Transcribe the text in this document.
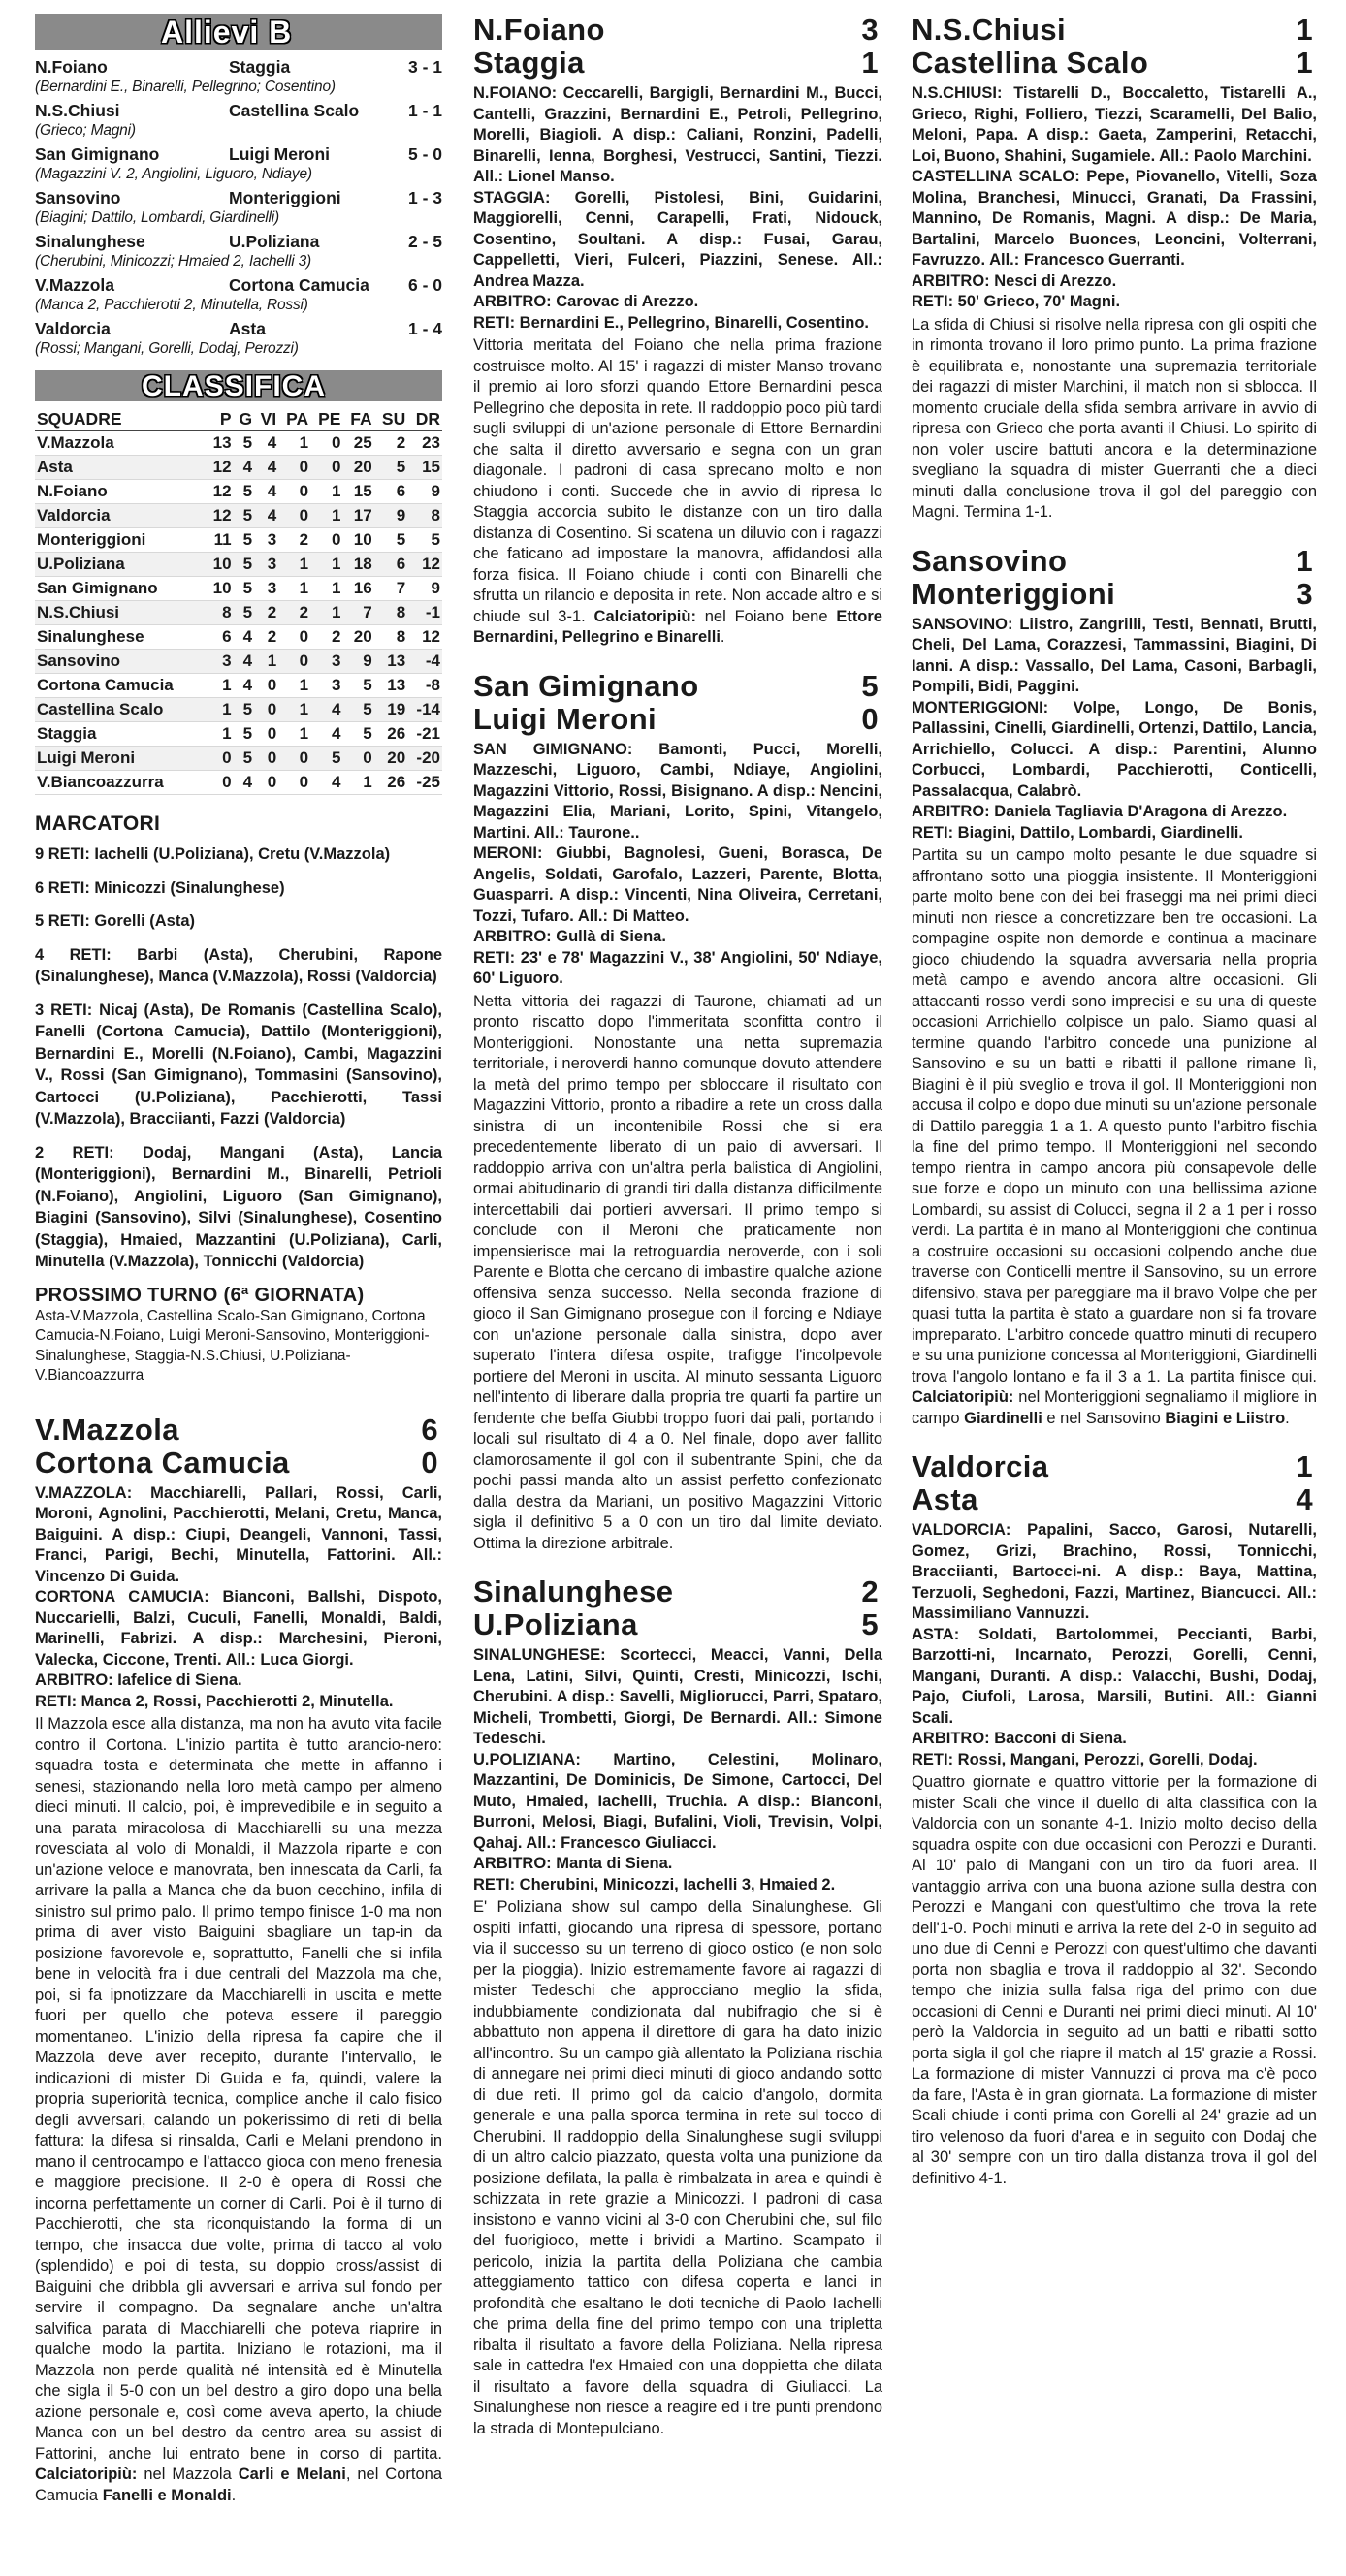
Allievi B
N.Foiano	Staggia	3 - 1
(Bernardini E., Binarelli, Pellegrino; Cosentino)
N.S.Chiusi	Castellina Scalo	1 - 1
(Grieco; Magni)
San Gimignano	Luigi Meroni	5 - 0
(Magazzini V. 2, Angiolini, Liguoro, Ndiaye)
Sansovino	Monteriggioni	1 - 3
(Biagini; Dattilo, Lombardi, Giardinelli)
Sinalunghese	U.Poliziana	2 - 5
(Cherubini, Minicozzi; Hmaied 2, Iachelli 3)
V.Mazzola	Cortona Camucia	6 - 0
(Manca 2, Pacchierotti 2, Minutella, Rossi)
Valdorcia	Asta	1 - 4
(Rossi; Mangani, Gorelli, Dodaj, Perozzi)
CLASSIFICA
SQUADRE	P	G	VI	PA	PE	FA	SU	DR
V.Mazzola	13	5	4	1	0	25	2	23
Asta	12	4	4	0	0	20	5	15
N.Foiano	12	5	4	0	1	15	6	9
Valdorcia	12	5	4	0	1	17	9	8
Monteriggioni	11	5	3	2	0	10	5	5
U.Poliziana	10	5	3	1	1	18	6	12
San Gimignano	10	5	3	1	1	16	7	9
N.S.Chiusi	8	5	2	2	1	7	8	-1
Sinalunghese	6	4	2	0	2	20	8	12
Sansovino	3	4	1	0	3	9	13	-4
Cortona Camucia	1	4	0	1	3	5	13	-8
Castellina Scalo	1	5	0	1	4	5	19	-14
Staggia	1	5	0	1	4	5	26	-21
Luigi Meroni	0	5	0	0	5	0	20	-20
V.Biancoazzurra	0	4	0	0	4	1	26	-25
MARCATORI
9 RETI: Iachelli (U.Poliziana), Cretu (V.Mazzola)
6 RETI: Minicozzi (Sinalunghese)
5 RETI: Gorelli (Asta)
4 RETI: Barbi (Asta), Cherubini, Rapone (Sinalunghese), Manca (V.Mazzola), Rossi (Valdorcia)
3 RETI: Nicaj (Asta), De Romanis (Castellina Scalo), Fanelli (Cortona Camucia), Dattilo (Monteriggioni), Bernardini E., Morelli (N.Foiano), Cambi, Magazzini V., Rossi (San Gimignano), Tommasini (Sansovino), Cartocci (U.Poliziana), Pacchierotti, Tassi (V.Mazzola), Bracciianti, Fazzi (Valdorcia)
2 RETI: Dodaj, Mangani (Asta), Lancia (Monteriggioni), Bernardini M., Binarelli, Petrioli (N.Foiano), Angiolini, Liguoro (San Gimignano), Biagini (Sansovino), Silvi (Sinalunghese), Cosentino (Staggia), Hmaied, Mazzantini (U.Poliziana), Carli, Minutella (V.Mazzola), Tonnicchi (Valdorcia)
PROSSIMO TURNO (6ª GIORNATA)
Asta-V.Mazzola, Castellina Scalo-San Gimignano, Cortona Camucia-N.Foiano, Luigi Meroni-Sansovino, Monteriggioni-Sinalunghese, Staggia-N.S.Chiusi, U.Poliziana-V.Biancoazzurra
V.Mazzola	6
Cortona Camucia	0
V.MAZZOLA: Macchiarelli, Pallari, Rossi, Carli, Moroni, Agnolini, Pacchierotti, Melani, Cretu, Manca, Baiguini. A disp.: Ciupi, Deangeli, Vannoni, Tassi, Franci, Parigi, Bechi, Minutella, Fattorini. All.: Vincenzo Di Guida.
CORTONA CAMUCIA: Bianconi, Ballshi, Dispoto, Nuccarielli, Balzi, Cuculi, Fanelli, Monaldi, Baldi, Marinelli, Fabrizi. A disp.: Marchesini, Pieroni, Valecka, Ciccone, Trenti. All.: Luca Giorgi.
ARBITRO: Iafelice di Siena.
RETI: Manca 2, Rossi, Pacchierotti 2, Minutella.
Il Mazzola esce alla distanza, ma non ha avuto vita facile contro il Cortona. L'inizio partita è tutto arancio-nero: squadra tosta e determinata che mette in affanno i senesi, stazionando nella loro metà campo per almeno dieci minuti. Il calcio, poi, è imprevedibile e in seguito a una parata miracolosa di Macchiarelli su una mezza rovesciata al volo di Monaldi, il Mazzola riparte e con un'azione veloce e manovrata, ben innescata da Carli, fa arrivare la palla a Manca che da buon cecchino, infila di sinistro sul primo palo. Il primo tempo finisce 1-0 ma non prima di aver visto Baiguini sbagliare un tap-in da posizione favorevole e, soprattutto, Fanelli che si infila bene in velocità fra i due centrali del Mazzola ma che, poi, si fa ipnotizzare da Macchiarelli in uscita e mette fuori per quello che poteva essere il pareggio momentaneo. L'inizio della ripresa fa capire che il Mazzola deve aver recepito, durante l'intervallo, le indicazioni di mister Di Guida e fa, quindi, valere la propria superiorità tecnica, complice anche il calo fisico degli avversari, calando un pokerissimo di reti di bella fattura: la difesa si rinsalda, Carli e Melani prendono in mano il centrocampo e l'attacco gioca con meno frenesia e maggiore precisione. Il 2-0 è opera di Rossi che incorna perfettamente un corner di Carli. Poi è il turno di Pacchierotti, che sta riconquistando la forma di un tempo, che insacca due volte, prima di tacco al volo (splendido) e poi di testa, su doppio cross/assist di Baiguini che dribbla gli avversari e arriva sul fondo per servire il compagno. Da segnalare anche un'altra salvifica parata di Macchiarelli che poteva riaprire in qualche modo la partita. Iniziano le rotazioni, ma il Mazzola non perde qualità né intensità ed è Minutella che sigla il 5-0 con un bel destro a giro dopo una bella azione personale e, così come aveva aperto, la chiude Manca con un bel destro da centro area su assist di Fattorini, anche lui entrato bene in corso di partita. Calciatoripiù: nel Mazzola Carli e Melani, nel Cortona Camucia Fanelli e Monaldi.
N.Foiano	3
Staggia	1
N.FOIANO: Ceccarelli, Bargigli, Bernardini M., Bucci, Cantelli, Grazzini, Bernardini E., Petroli, Pellegrino, Morelli, Biagioli. A disp.: Caliani, Ronzini, Padelli, Binarelli, Ienna, Borghesi, Vestrucci, Santini, Tiezzi. All.: Lionel Manso.
STAGGIA: Gorelli, Pistolesi, Bini, Guidarini, Maggiorelli, Cenni, Carapelli, Frati, Nidouck, Cosentino, Soultani. A disp.: Fusai, Garau, Cappelletti, Vieri, Fulceri, Piazzini, Senese. All.: Andrea Mazza.
ARBITRO: Carovac di Arezzo.
RETI: Bernardini E., Pellegrino, Binarelli, Cosentino.
Vittoria meritata del Foiano che nella prima frazione costruisce molto. Al 15' i ragazzi di mister Manso trovano il premio ai loro sforzi quando Ettore Bernardini pesca Pellegrino che deposita in rete. Il raddoppio poco più tardi sugli sviluppi di un'azione personale di Ettore Bernardini che salta il diretto avversario e segna con un gran diagonale. I padroni di casa sprecano molto e non chiudono i conti. Succede che in avvio di ripresa lo Staggia accorcia subito le distanze con un tiro dalla distanza di Cosentino. Si scatena un diluvio con i ragazzi che faticano ad impostare la manovra, affidandosi alla forza fisica. Il Foiano chiude i conti con Binarelli che sfrutta un rilancio e deposita in rete. Non accade altro e si chiude sul 3-1. Calciatoripiù: nel Foiano bene Ettore Bernardini, Pellegrino e Binarelli.
San Gimignano	5
Luigi Meroni	0
SAN GIMIGNANO: Bamonti, Pucci, Morelli, Mazzeschi, Liguoro, Cambi, Ndiaye, Angiolini, Magazzini Vittorio, Rossi, Bisignano. A disp.: Nencini, Magazzini Elia, Mariani, Lorito, Spini, Vitangelo, Martini. All.: Taurone..
MERONI: Giubbi, Bagnolesi, Gueni, Borasca, De Angelis, Soldati, Garofalo, Lazzeri, Parente, Blotta, Guasparri. A disp.: Vincenti, Nina Oliveira, Cerretani, Tozzi, Tufaro. All.: Di Matteo.
ARBITRO: Gullà di Siena.
RETI: 23' e 78' Magazzini V., 38' Angiolini, 50' Ndiaye, 60' Liguoro.
Netta vittoria dei ragazzi di Taurone, chiamati ad un pronto riscatto dopo l'immeritata sconfitta contro il Monteriggioni. Nonostante una netta supremazia territoriale, i neroverdi hanno comunque dovuto attendere la metà del primo tempo per sbloccare il risultato con Magazzini Vittorio, pronto a ribadire a rete un cross dalla sinistra di un incontenibile Rossi che si era precedentemente liberato di un paio di avversari. Il raddoppio arriva con un'altra perla balistica di Angiolini, ormai abitudinario di grandi tiri dalla distanza difficilmente intercettabili dai portieri avversari. Il primo tempo si conclude con il Meroni che praticamente non impensierisce mai la retroguardia neroverde, con i soli Parente e Blotta che cercano di imbastire qualche azione offensiva senza successo. Nella seconda frazione di gioco il San Gimignano prosegue con il forcing e Ndiaye con un'azione personale dalla sinistra, dopo aver superato l'intera difesa ospite, trafigge l'incolpevole portiere del Meroni in uscita. Al minuto sessanta Liguoro nell'intento di liberare dalla propria tre quarti fa partire un fendente che beffa Giubbi troppo fuori dai pali, portando i locali sul risultato di 4 a 0. Nel finale, dopo aver fallito clamorosamente il gol con il subentrante Spini, che da pochi passi manda alto un assist perfetto confezionato dalla destra da Mariani, un positivo Magazzini Vittorio sigla il definitivo 5 a 0 con un tiro dal limite deviato. Ottima la direzione arbitrale.
Sinalunghese	2
U.Poliziana	5
SINALUNGHESE: Scortecci, Meacci, Vanni, Della Lena, Latini, Silvi, Quinti, Cresti, Minicozzi, Ischi, Cherubini. A disp.: Savelli, Migliorucci, Parri, Spataro, Micheli, Trombetti, Giorgi, De Bernardi. All.: Simone Tedeschi.
U.POLIZIANA: Martino, Celestini, Molinaro, Mazzantini, De Dominicis, De Simone, Cartocci, Del Muto, Hmaied, Iachelli, Truchia. A disp.: Bianconi, Burroni, Melosi, Biagi, Bufalini, Violi, Trevisin, Volpi, Qahaj. All.: Francesco Giuliacci.
ARBITRO: Manta di Siena.
RETI: Cherubini, Minicozzi, Iachelli 3, Hmaied 2.
E' Poliziana show sul campo della Sinalunghese. Gli ospiti infatti, giocando una ripresa di spessore, portano via il successo su un terreno di gioco ostico (e non solo per la pioggia). Inizio estremamente favore ai ragazzi di mister Tedeschi che approcciano meglio la sfida, indubbiamente condizionata dal nubifragio che si è abbattuto non appena il direttore di gara ha dato inizio all'incontro. Su un campo già allentato la Poliziana rischia di annegare nei primi dieci minuti di gioco andando sotto di due reti. Il primo gol da calcio d'angolo, dormita generale e una palla sporca termina in rete sul tocco di Cherubini. Il raddoppio della Sinalunghese sugli sviluppi di un altro calcio piazzato, questa volta una punizione da posizione defilata, la palla è rimbalzata in area e quindi è schizzata in rete grazie a Minicozzi. I padroni di casa insistono e vanno vicini al 3-0 con Cherubini che, sul filo del fuorigioco, mette i brividi a Martino. Scampato il pericolo, inizia la partita della Poliziana che cambia atteggiamento tattico con difesa coperta e lanci in profondità che esaltano le doti tecniche di Paolo Iachelli che prima della fine del primo tempo con una tripletta ribalta il risultato a favore della Poliziana. Nella ripresa sale in cattedra l'ex Hmaied con una doppietta che dilata il risultato a favore della squadra di Giuliacci. La Sinalunghese non riesce a reagire ed i tre punti prendono la strada di Montepulciano.
N.S.Chiusi	1
Castellina Scalo	1
N.S.CHIUSI: Tistarelli D., Boccaletto, Tistarelli A., Grieco, Righi, Folliero, Tiezzi, Scaramelli, Del Balio, Meloni, Papa. A disp.: Gaeta, Zamperini, Retacchi, Loi, Buono, Shahini, Sugamiele. All.: Paolo Marchini.
CASTELLINA SCALO: Pepe, Piovanello, Vitelli, Soza Molina, Branchesi, Minucci, Granati, Da Frassini, Mannino, De Romanis, Magni. A disp.: De Maria, Bartalini, Marcelo Buonces, Leoncini, Volterrani, Favruzzo. All.: Francesco Guerranti.
ARBITRO: Nesci di Arezzo.
RETI: 50' Grieco, 70' Magni.
La sfida di Chiusi si risolve nella ripresa con gli ospiti che in rimonta trovano il loro primo punto. La prima frazione è equilibrata e, nonostante una supremazia territoriale dei ragazzi di mister Marchini, il match non si sblocca. Il momento cruciale della sfida sembra arrivare in avvio di ripresa con Grieco che porta avanti il Chiusi. Lo spirito di non voler uscire battuti ancora e la determinazione svegliano la squadra di mister Guerranti che a dieci minuti dalla conclusione trova il gol del pareggio con Magni. Termina 1-1.
Sansovino	1
Monteriggioni	3
SANSOVINO: Liistro, Zangrilli, Testi, Bennati, Brutti, Cheli, Del Lama, Corazzesi, Tammassini, Biagini, Di Ianni. A disp.: Vassallo, Del Lama, Casoni, Barbagli, Pompili, Bidi, Paggini.
MONTERIGGIONI: Volpe, Longo, De Bonis, Pallassini, Cinelli, Giardinelli, Ortenzi, Dattilo, Lancia, Arrichiello, Colucci. A disp.: Parentini, Alunno Corbucci, Lombardi, Pacchierotti, Conticelli, Passalacqua, Calabrò.
ARBITRO: Daniela Tagliavia D'Aragona di Arezzo.
RETI: Biagini, Dattilo, Lombardi, Giardinelli.
Partita su un campo molto pesante le due squadre si affrontano sotto una pioggia insistente. Il Monteriggioni parte molto bene con dei bei fraseggi ma nei primi dieci minuti non riesce a concretizzare ben tre occasioni. La compagine ospite non demorde e continua a macinare gioco chiudendo la squadra avversaria nella propria metà campo e avendo ancora altre occasioni. Gli attaccanti rosso verdi sono imprecisi e su una di queste occasioni Arrichiello colpisce un palo. Siamo quasi al termine quando l'arbitro concede una punizione al Sansovino e su un batti e ribatti il pallone rimane lì, Biagini è il più sveglio e trova il gol. Il Monteriggioni non accusa il colpo e dopo due minuti su un'azione personale di Dattilo pareggia 1 a 1. A questo punto l'arbitro fischia la fine del primo tempo. Il Monteriggioni nel secondo tempo rientra in campo ancora più consapevole delle sue forze e dopo un minuto con una bellissima azione Lombardi, su assist di Colucci, segna il 2 a 1 per i rosso verdi. La partita è in mano al Monteriggioni che continua a costruire occasioni su occasioni colpendo anche due traverse con Conticelli mentre il Sansovino, su un errore difensivo, stava per pareggiare ma il bravo Volpe che per quasi tutta la partita è stato a guardare non si fa trovare impreparato. L'arbitro concede quattro minuti di recupero e su una punizione concessa al Monteriggioni, Giardinelli trova l'angolo lontano e fa il 3 a 1. La partita finisce qui. Calciatoripiù: nel Monteriggioni segnaliamo il migliore in campo Giardinelli e nel Sansovino Biagini e Liistro.
Valdorcia	1
Asta	4
VALDORCIA: Papalini, Sacco, Garosi, Nutarelli, Gomez, Grizi, Brachino, Rossi, Tonnicchi, Bracciianti, Bartocci-ni. A disp.: Baya, Mattina, Terzuoli, Seghedoni, Fazzi, Martinez, Biancucci. All.: Massimiliano Vannuzzi.
ASTA: Soldati, Bartolommei, Peccianti, Barbi, Barzotti-ni, Incarnato, Perozzi, Gorelli, Cenni, Mangani, Duranti. A disp.: Valacchi, Bushi, Dodaj, Pajo, Ciufoli, Larosa, Marsili, Butini. All.: Gianni Scali.
ARBITRO: Bacconi di Siena.
RETI: Rossi, Mangani, Perozzi, Gorelli, Dodaj.
Quattro giornate e quattro vittorie per la formazione di mister Scali che vince il duello di alta classifica con la Valdorcia con un sonante 4-1. Inizio molto deciso della squadra ospite con due occasioni con Perozzi e Duranti. Al 10' palo di Mangani con un tiro da fuori area. Il vantaggio arriva con una buona azione sulla destra con Perozzi e Mangani con quest'ultimo che trova la rete dell'1-0. Pochi minuti e arriva la rete del 2-0 in seguito ad uno due di Cenni e Perozzi con quest'ultimo che davanti porta non sbaglia e trova il raddoppio al 32'. Secondo tempo che inizia sulla falsa riga del primo con due occasioni di Cenni e Duranti nei primi dieci minuti. Al 10' però la Valdorcia in seguito ad un batti e ribatti sotto porta sigla il gol che riapre il match al 15' grazie a Rossi. La formazione di mister Vannuzzi ci prova ma c'è poco da fare, l'Asta è in gran giornata. La formazione di mister Scali chiude i conti prima con Gorelli al 24' grazie ad un tiro velenoso da fuori d'area e in seguito con Dodaj che al 30' sempre con un tiro dalla distanza trova il gol del definitivo 4-1.
